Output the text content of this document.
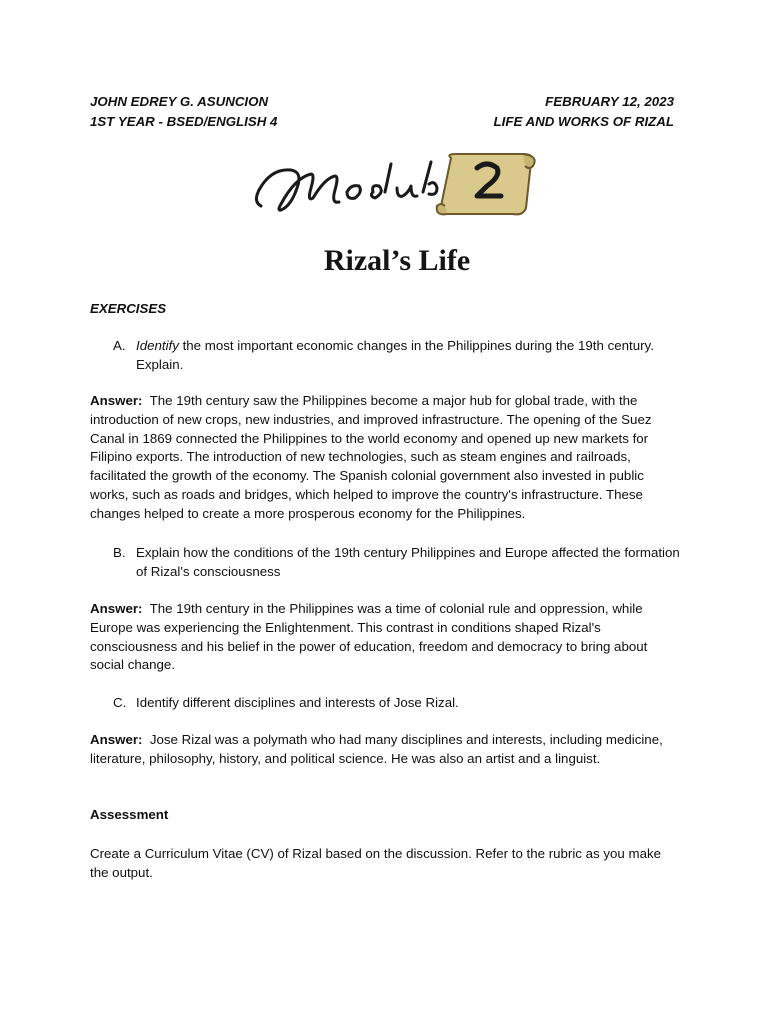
JOHN EDREY G. ASUNCION
1ST YEAR - BSED/ENGLISH 4
FEBRUARY 12, 2023
LIFE AND WORKS OF RIZAL
Rizal’s Life
EXERCISES
A. Identify the most important economic changes in the Philippines during the 19th century. Explain.
Answer:  The 19th century saw the Philippines become a major hub for global trade, with the introduction of new crops, new industries, and improved infrastructure. The opening of the Suez Canal in 1869 connected the Philippines to the world economy and opened up new markets for Filipino exports. The introduction of new technologies, such as steam engines and railroads, facilitated the growth of the economy. The Spanish colonial government also invested in public works, such as roads and bridges, which helped to improve the country's infrastructure. These changes helped to create a more prosperous economy for the Philippines.
B. Explain how the conditions of the 19th century Philippines and Europe affected the formation of Rizal's consciousness
Answer:  The 19th century in the Philippines was a time of colonial rule and oppression, while Europe was experiencing the Enlightenment. This contrast in conditions shaped Rizal's consciousness and his belief in the power of education, freedom and democracy to bring about social change.
C. Identify different disciplines and interests of Jose Rizal.
Answer:  Jose Rizal was a polymath who had many disciplines and interests, including medicine, literature, philosophy, history, and political science. He was also an artist and a linguist.
Assessment
Create a Curriculum Vitae (CV) of Rizal based on the discussion. Refer to the rubric as you make the output.
